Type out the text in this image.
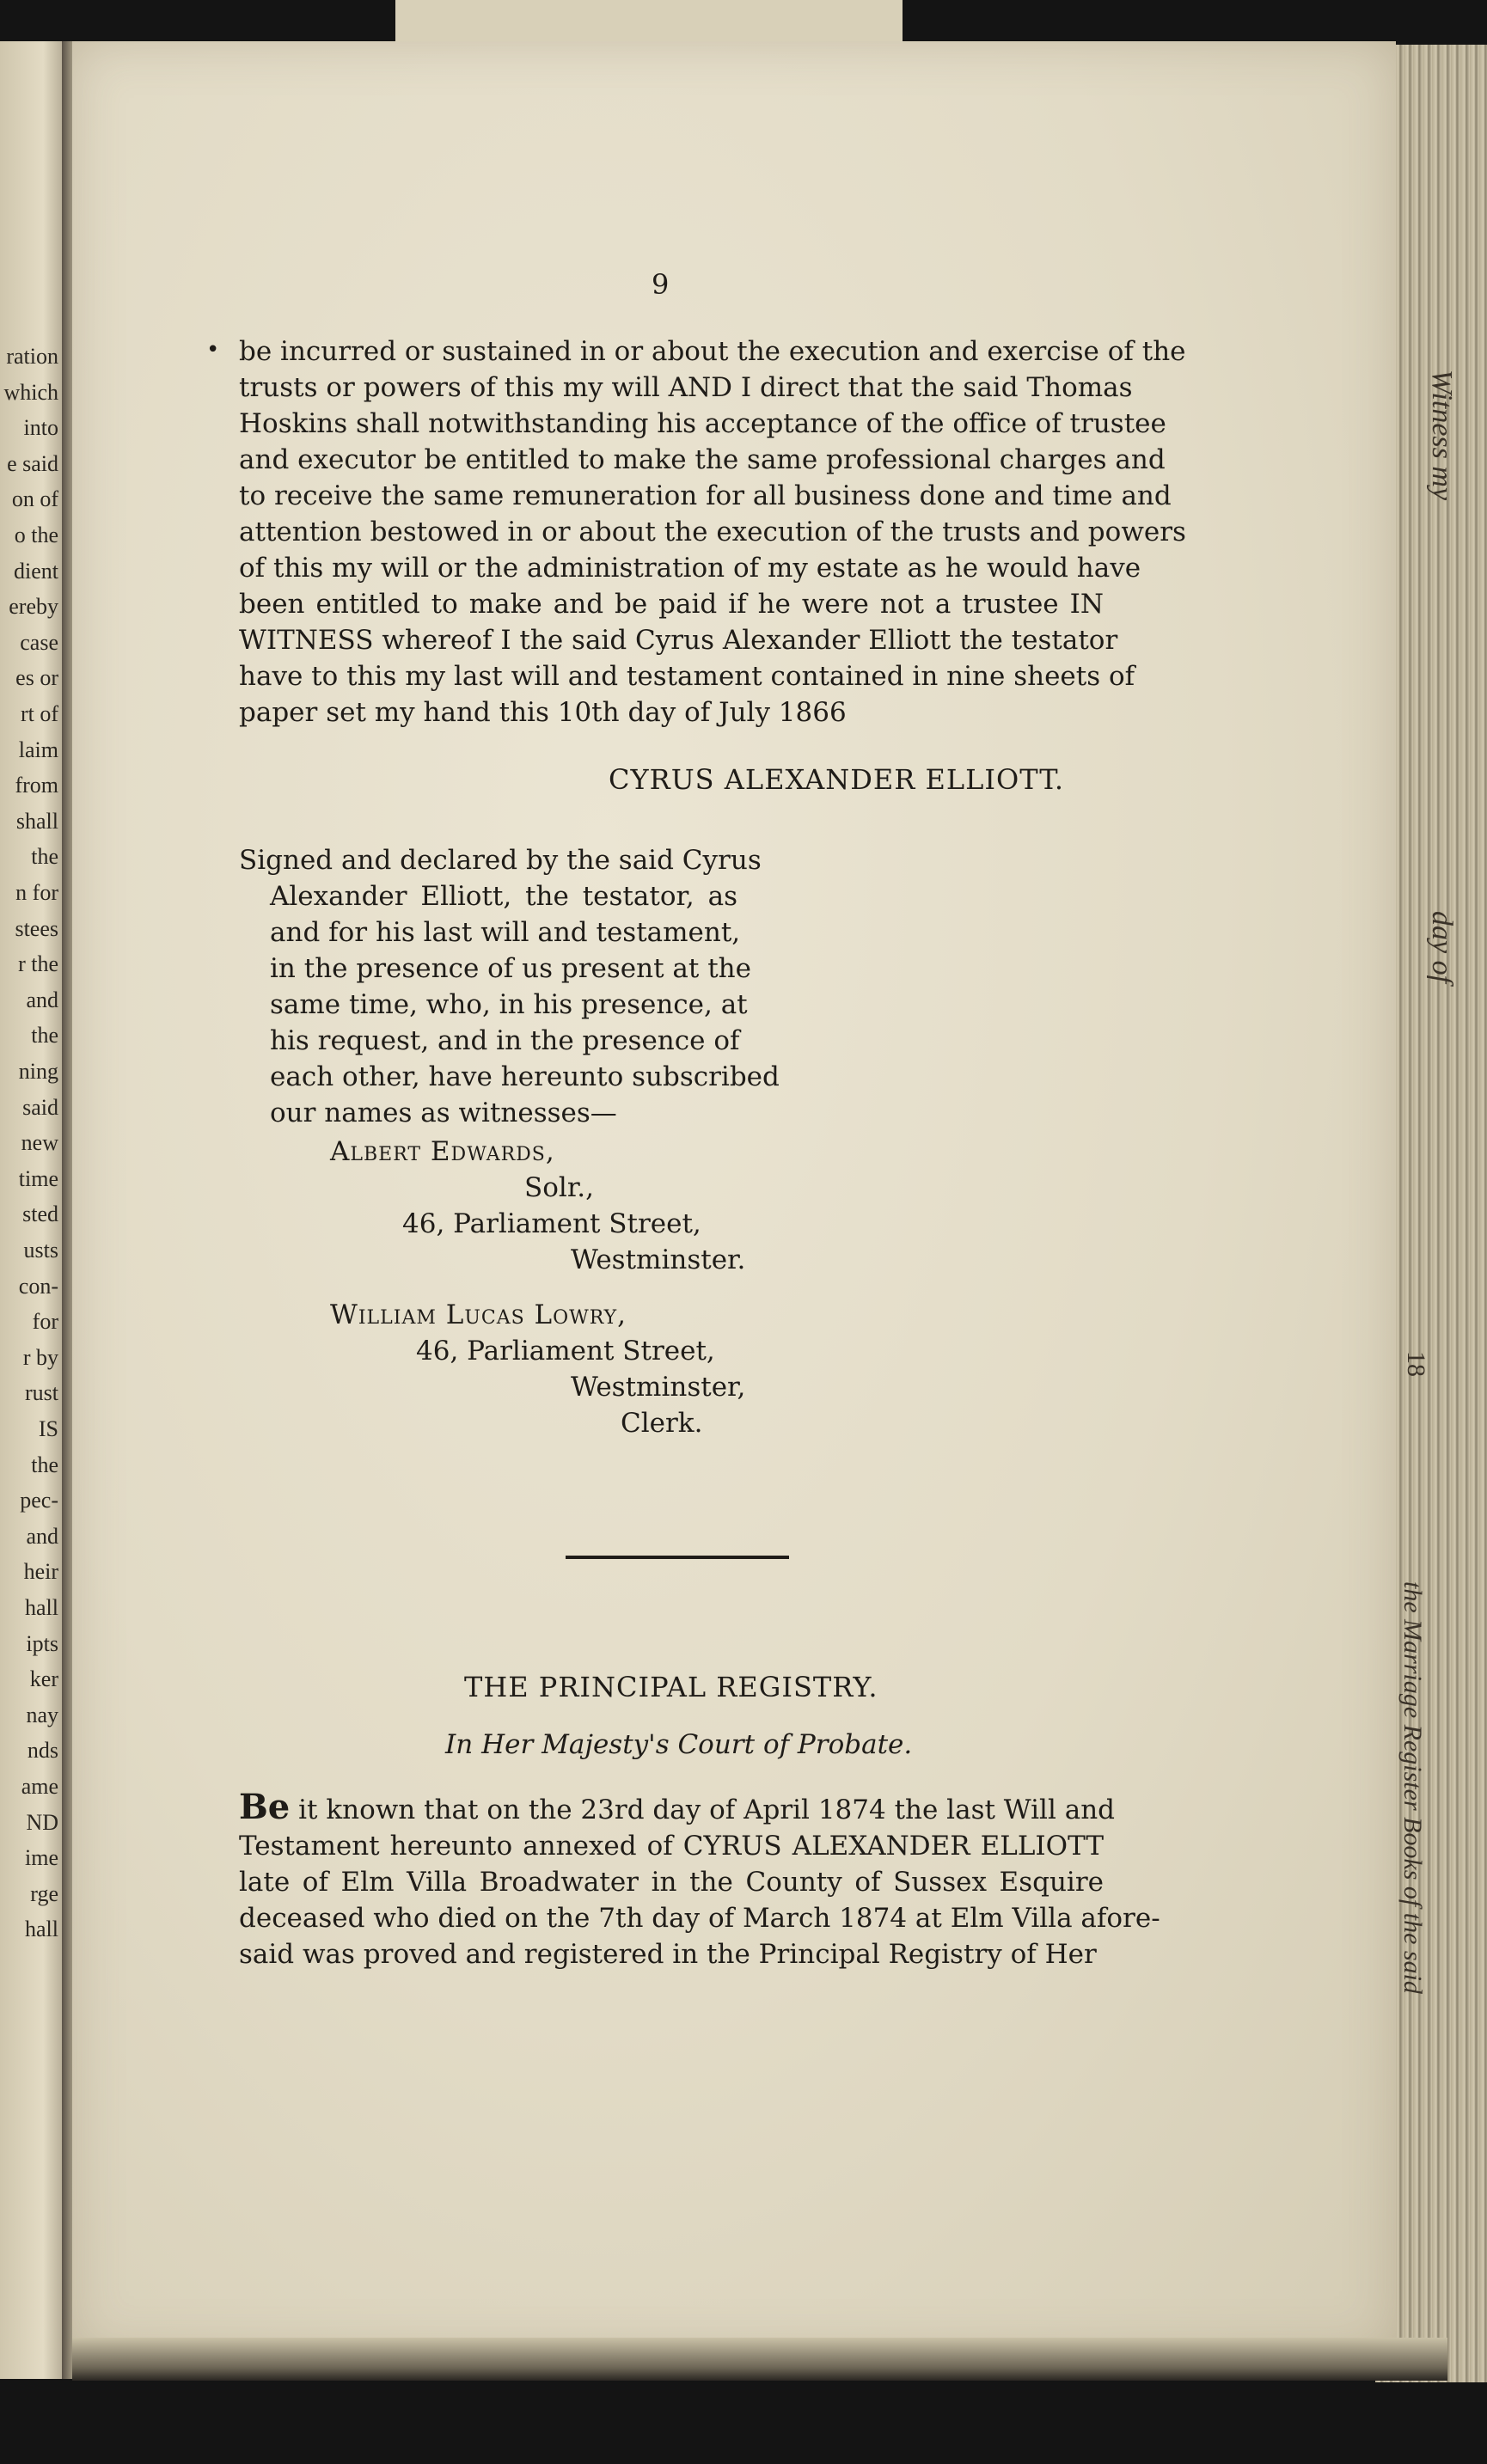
ration
which
into
e said
on of
o the
dient
ereby
case
es or
rt of
laim
from
shall
the
n for
stees
r the
and
the
ning
said
new
time
sted
usts
con-
for
r by
rust
IS
the
pec-
and
heir
hall
ipts
ker
nay
nds
ame
ND
ime
rge
hall
Witness my
day of
18
the Marriage Register Books of the said
9
• be incurred or sustained in or about the execution and exercise of the
trusts or powers of this my will AND I direct that the said Thomas
Hoskins shall notwithstanding his acceptance of the office of trustee
and executor be entitled to make the same professional charges and
to receive the same remuneration for all business done and time and
attention bestowed in or about the execution of the trusts and powers
of this my will or the administration of my estate as he would have
been entitled to make and be paid if he were not a trustee IN
WITNESS whereof I the said Cyrus Alexander Elliott the testator
have to this my last will and testament contained in nine sheets of
paper set my hand this 10th day of July 1866
CYRUS ALEXANDER ELLIOTT.
Signed and declared by the said Cyrus
Alexander Elliott, the testator, as
and for his last will and testament,
in the presence of us present at the
same time, who, in his presence, at
his request, and in the presence of
each other, have hereunto subscribed
our names as witnesses—
Albert Edwards,
Solr.,
46, Parliament Street,
Westminster.
William Lucas Lowry,
46, Parliament Street,
Westminster,
Clerk.
THE PRINCIPAL REGISTRY.
In Her Majesty's Court of Probate.
Be it known that on the 23rd day of April 1874 the last Will and
Testament hereunto annexed of CYRUS ALEXANDER ELLIOTT
late of Elm Villa Broadwater in the County of Sussex Esquire
deceased who died on the 7th day of March 1874 at Elm Villa afore-
said was proved and registered in the Principal Registry of Her
